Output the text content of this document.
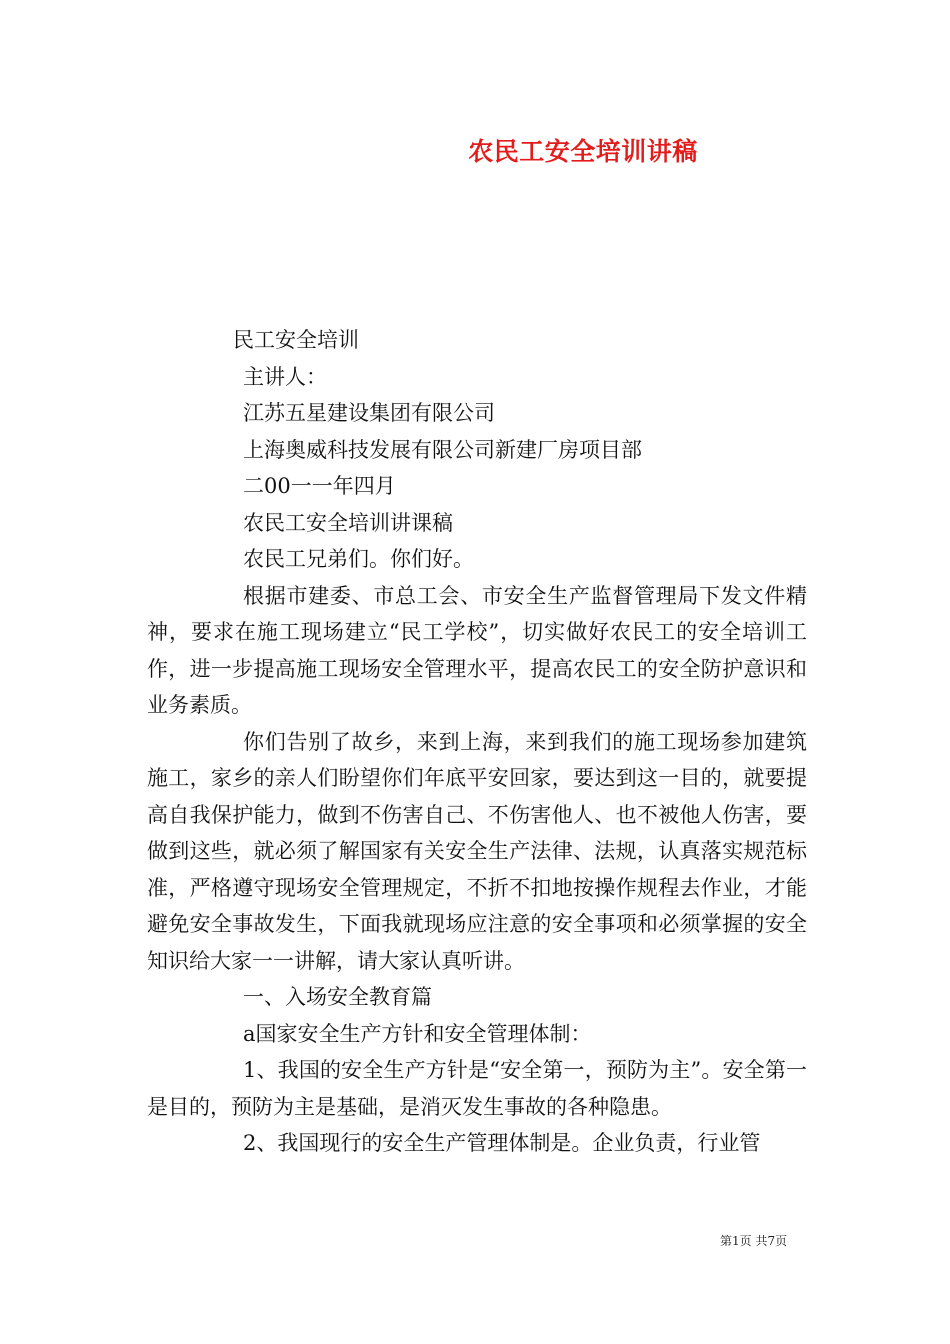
农民工安全培训讲稿
民工安全培训
主讲人：
江苏五星建设集团有限公司
上海奥威科技发展有限公司新建厂房项目部
二00一一年四月
农民工安全培训讲课稿
农民工兄弟们。你们好。

根据市建委、市总工会、市安全生产监督管理局下发文件精神，要求在施工现场建立“民工学校”，切实做好农民工的安全培训工作，进一步提高施工现场安全管理水平，提高农民工的安全防护意识和业务素质。

你们告别了故乡，来到上海，来到我们的施工现场参加建筑施工，家乡的亲人们盼望你们年底平安回家，要达到这一目的，就要提高自我保护能力，做到不伤害自己、不伤害他人、也不被他人伤害，要做到这些，就必须了解国家有关安全生产法律、法规，认真落实规范标准，严格遵守现场安全管理规定，不折不扣地按操作规程去作业，才能避免安全事故发生，下面我就现场应注意的安全事项和必须掌握的安全知识给大家一一讲解，请大家认真听讲。

一、入场安全教育篇
a国家安全生产方针和安全管理体制：

1、我国的安全生产方针是“安全第一，预防为主”。安全第一是目的，预防为主是基础，是消灭发生事故的各种隐患。

2、我国现行的安全生产管理体制是。企业负责，行业管

第1页 共7页
